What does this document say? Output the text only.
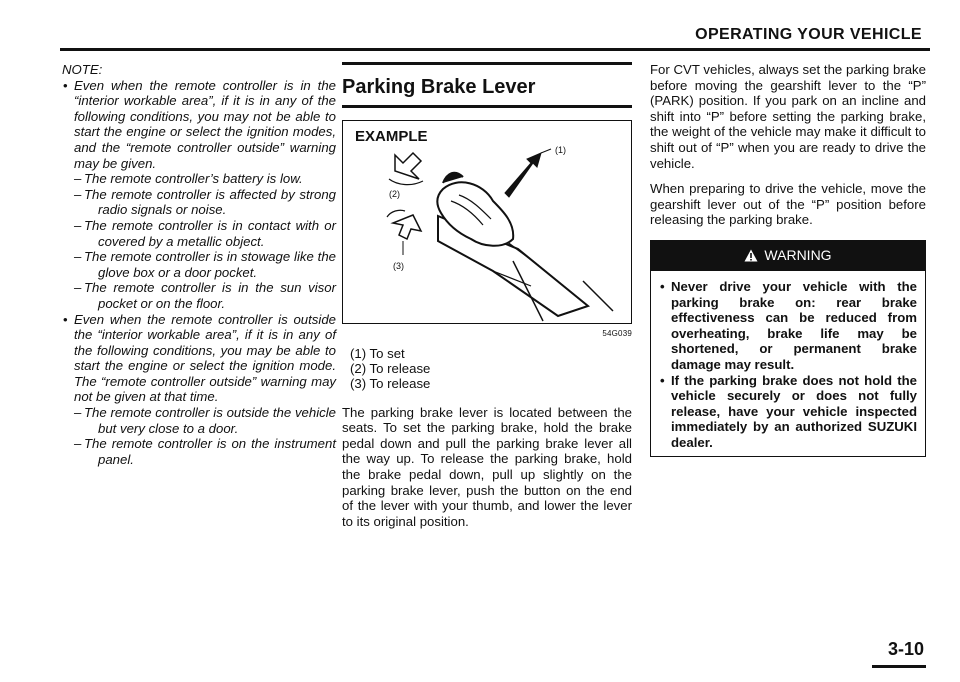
OPERATING YOUR VEHICLE

NOTE:

• Even when the remote controller is in the “interior workable area”, if it is in any of the following conditions, you may not be able to start the engine or select the ignition modes, and the “remote controller outside” warning may be given.
– The remote controller’s battery is low.
– The remote controller is affected by strong radio signals or noise.
– The remote controller is in contact with or covered by a metallic object.
– The remote controller is in stowage like the glove box or a door pocket.
– The remote controller is in the sun visor pocket or on the floor.
• Even when the remote controller is outside the “interior workable area”, if it is in any of the following conditions, you may be able to start the engine or select the ignition mode. The “remote controller outside” warning may not be given at that time.
– The remote controller is outside the vehicle but very close to a door.
– The remote controller is on the instrument panel.
Parking Brake Lever
EXAMPLE
(1)
(2)
(3)
54G039
(1) To set
(2) To release
(3) To release

The parking brake lever is located between the seats. To set the parking brake, hold the brake pedal down and pull the parking brake lever all the way up. To release the parking brake, hold the brake pedal down, pull up slightly on the parking brake lever, push the button on the end of the lever with your thumb, and lower the lever to its original position.

For CVT vehicles, always set the parking brake before moving the gearshift lever to the “P” (PARK) position. If you park on an incline and shift into “P” before setting the parking brake, the weight of the vehicle may make it difficult to shift out of “P” when you are ready to drive the vehicle.

When preparing to drive the vehicle, move the gearshift lever out of the “P” position before releasing the parking brake.

WARNING
• Never drive your vehicle with the parking brake on: rear brake effectiveness can be reduced from overheating, brake life may be shortened, or permanent brake damage may result.
• If the parking brake does not hold the vehicle securely or does not fully release, have your vehicle inspected immediately by an authorized SUZUKI dealer.
3-10
